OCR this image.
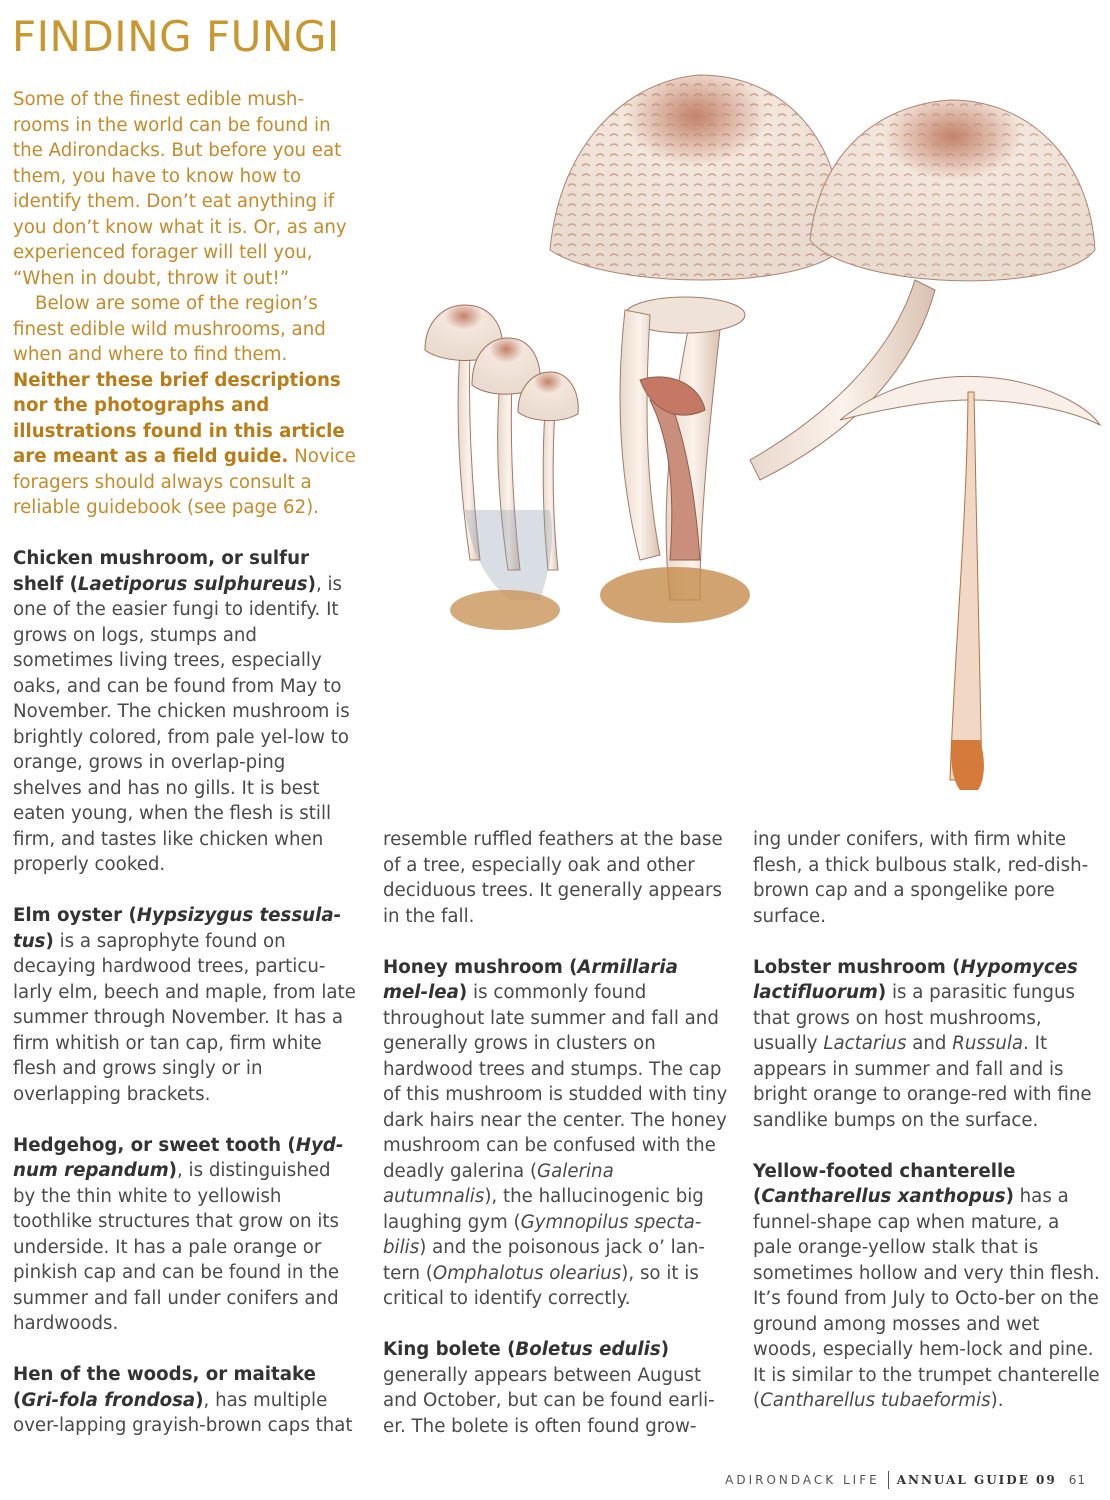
FINDING FUNGI

Some of the finest edible mush-rooms in the world can be found in the Adirondacks. But before you eat them, you have to know how to identify them. Don’t eat anything if you don’t know what it is. Or, as any experienced forager will tell you, “When in doubt, throw it out!”

Below are some of the region’s finest edible wild mushrooms, and when and where to find them. Neither these brief descriptions nor the photographs and illustrations found in this article are meant as a field guide. Novice foragers should always consult a reliable guidebook (see page 62).

Chicken mushroom, or sulfur shelf (Laetiporus sulphureus), is one of the easier fungi to identify. It grows on logs, stumps and sometimes living trees, especially oaks, and can be found from May to November. The chicken mushroom is brightly colored, from pale yel-low to orange, grows in overlap-ping shelves and has no gills. It is best eaten young, when the flesh is still firm, and tastes like chicken when properly cooked.

Elm oyster (Hypsizygus tessula-tus) is a saprophyte found on decaying hardwood trees, particu-larly elm, beech and maple, from late summer through November. It has a firm whitish or tan cap, firm white flesh and grows singly or in overlapping brackets.

Hedgehog, or sweet tooth (Hyd-num repandum), is distinguished by the thin white to yellowish toothlike structures that grow on its underside. It has a pale orange or pinkish cap and can be found in the summer and fall under conifers and hardwoods.

Hen of the woods, or maitake (Gri-fola frondosa), has multiple over-lapping grayish-brown caps that

resemble ruffled feathers at the base of a tree, especially oak and other deciduous trees. It generally appears in the fall.

Honey mushroom (Armillaria mel-lea) is commonly found throughout late summer and fall and generally grows in clusters on hardwood trees and stumps. The cap of this mushroom is studded with tiny dark hairs near the center. The honey mushroom can be confused with the deadly galerina (Galerina autumnalis), the hallucinogenic big laughing gym (Gymnopilus specta-bilis) and the poisonous jack o’ lan-tern (Omphalotus olearius), so it is critical to identify correctly.

King bolete (Boletus edulis) generally appears between August and October, but can be found earli-er. The bolete is often found grow-

ing under conifers, with firm white flesh, a thick bulbous stalk, red-dish-brown cap and a spongelike pore surface.

Lobster mushroom (Hypomyces lactifluorum) is a parasitic fungus that grows on host mushrooms, usually Lactarius and Russula. It appears in summer and fall and is bright orange to orange-red with fine sandlike bumps on the surface.

Yellow-footed chanterelle (Cantharellus xanthopus) has a funnel-shape cap when mature, a pale orange-yellow stalk that is sometimes hollow and very thin flesh. It’s found from July to Octo-ber on the ground among mosses and wet woods, especially hem-lock and pine. It is similar to the trumpet chanterelle (Cantharellus tubaeformis).

ADIRONDACK LIFE ANNUAL GUIDE 09 61
